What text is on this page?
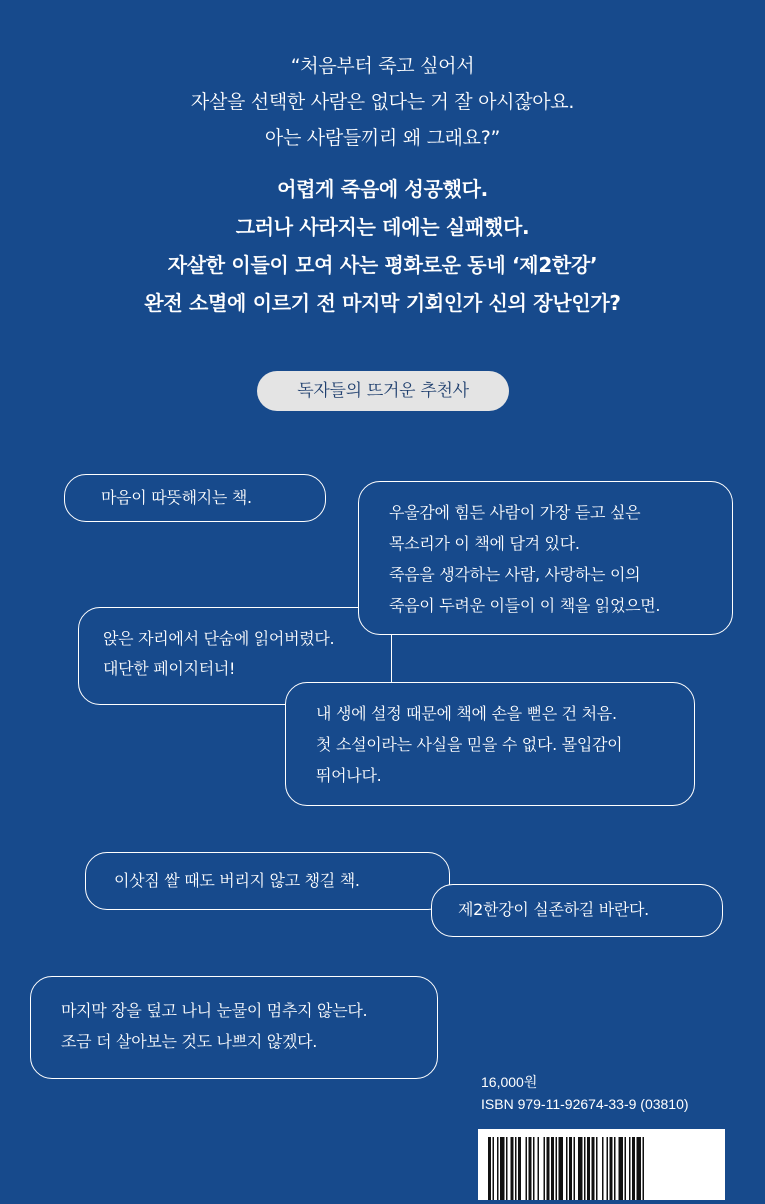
“처음부터 죽고 싶어서
자살을 선택한 사람은 없다는 거 잘 아시잖아요.
아는 사람들끼리 왜 그래요?”
어렵게 죽음에 성공했다.
그러나 사라지는 데에는 실패했다.
자살한 이들이 모여 사는 평화로운 동네 ‘제2한강’
완전 소멸에 이르기 전 마지막 기회인가 신의 장난인가?
독자들의 뜨거운 추천사
마음이 따뜻해지는 책.
앉은 자리에서 단숨에 읽어버렸다.
대단한 페이지터너!
우울감에 힘든 사람이 가장 듣고 싶은
목소리가 이 책에 담겨 있다.
죽음을 생각하는 사람, 사랑하는 이의
죽음이 두려운 이들이 이 책을 읽었으면.
내 생에 설정 때문에 책에 손을 뻗은 건 처음.
첫 소설이라는 사실을 믿을 수 없다. 몰입감이
뛰어나다.
이삿짐 쌀 때도 버리지 않고 챙길 책.
제2한강이 실존하길 바란다.
마지막 장을 덮고 나니 눈물이 멈추지 않는다.
조금 더 살아보는 것도 나쁘지 않겠다.
16,000원
ISBN 979-11-92674-33-9 (03810)
